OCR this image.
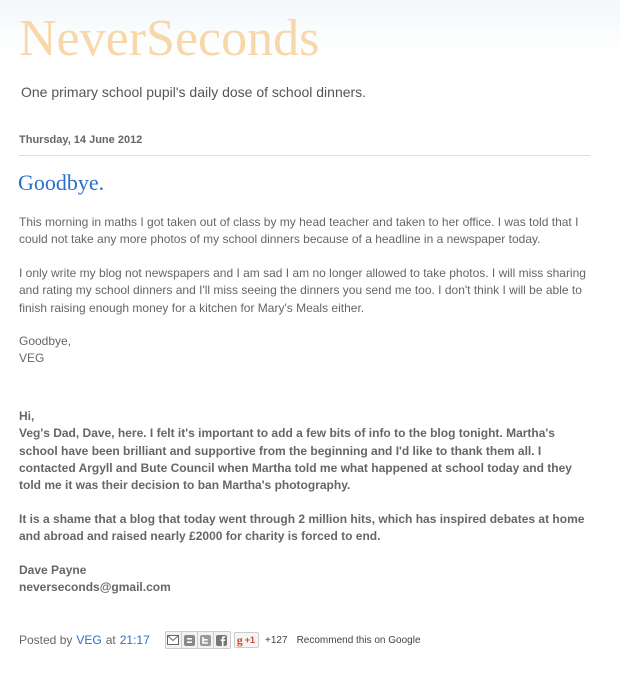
NeverSeconds

One primary school pupil's daily dose of school dinners.

Thursday, 14 June 2012
Goodbye.

This morning in maths I got taken out of class by my head teacher and taken to her office. I was told that I could not take any more photos of my school dinners because of a headline in a newspaper today.

I only write my blog not newspapers and I am sad I am no longer allowed to take photos. I will miss sharing and rating my school dinners and I'll miss seeing the dinners you send me too. I don't think I will be able to finish raising enough money for a kitchen for Mary's Meals either.

Goodbye,

VEG

Hi,

Veg's Dad, Dave, here. I felt it's important to add a few bits of info to the blog tonight. Martha's school have been brilliant and supportive from the beginning and I'd like to thank them all. I contacted Argyll and Bute Council when Martha told me what happened at school today and they told me it was their decision to ban Martha's photography.

It is a shame that a blog that today went through 2 million hits, which has inspired debates at home and abroad and raised nearly £2000 for charity is forced to end.

Dave Payne

neverseconds@gmail.com

Posted by VEG at 21:17	g +1 +127 Recommend this on Google
